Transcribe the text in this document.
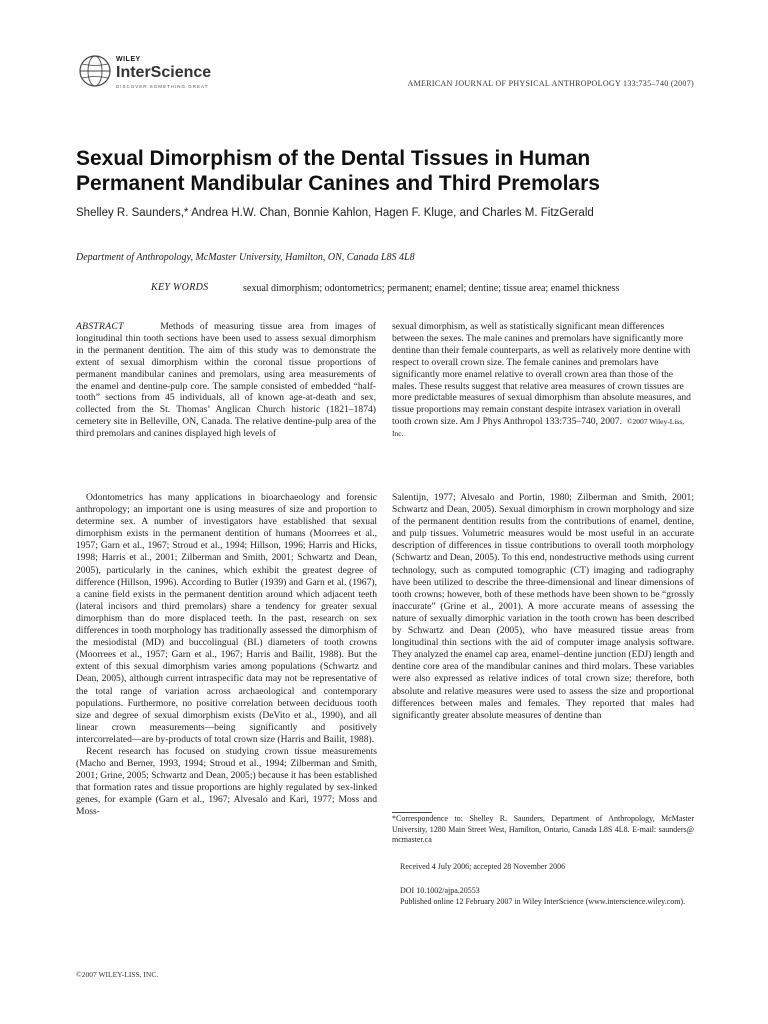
WILEY
InterScience
DISCOVER SOMETHING GREAT	AMERICAN JOURNAL OF PHYSICAL ANTHROPOLOGY 133:735–740 (2007)
Sexual Dimorphism of the Dental Tissues in Human Permanent Mandibular Canines and Third Premolars
Shelley R. Saunders,* Andrea H.W. Chan, Bonnie Kahlon, Hagen F. Kluge, and Charles M. FitzGerald
Department of Anthropology, McMaster University, Hamilton, ON, Canada L8S 4L8
KEY WORDS	sexual dimorphism; odontometrics; permanent; enamel; dentine; tissue area; enamel thickness

ABSTRACT	Methods of measuring tissue area from images of longitudinal thin tooth sections have been used to assess sexual dimorphism in the permanent dentition. The aim of this study was to demonstrate the extent of sexual dimorphism within the coronal tissue proportions of permanent mandibular canines and premolars, using area measurements of the enamel and dentine-pulp core. The sample consisted of embedded “half-tooth” sections from 45 individuals, all of known age-at-death and sex, collected from the St. Thomas’ Anglican Church historic (1821–1874) cemetery site in Belleville, ON, Canada. The relative dentine-pulp area of the third premolars and canines displayed high levels of

sexual dimorphism, as well as statistically significant mean differences between the sexes. The male canines and premolars have significantly more dentine than their female counterparts, as well as relatively more dentine with respect to overall crown size. The female canines and premolars have significantly more enamel relative to overall crown area than those of the males. These results suggest that relative area measures of crown tissues are more predictable measures of sexual dimorphism than absolute measures, and tissue proportions may remain constant despite intrasex variation in overall tooth crown size. Am J Phys Anthropol 133:735–740, 2007. ©2007 Wiley-Liss, Inc.

Odontometrics has many applications in bioarchaeology and forensic anthropology; an important one is using measures of size and proportion to determine sex. A number of investigators have established that sexual dimorphism exists in the permanent dentition of humans (Moorrees et al., 1957; Garn et al., 1967; Stroud et al., 1994; Hillson, 1996; Harris and Hicks, 1998; Harris et al., 2001; Zilberman and Smith, 2001; Schwartz and Dean, 2005), particularly in the canines, which exhibit the greatest degree of difference (Hillson, 1996). According to Butler (1939) and Garn et al. (1967), a canine field exists in the permanent dentition around which adjacent teeth (lateral incisors and third premolars) share a tendency for greater sexual dimorphism than do more displaced teeth. In the past, research on sex differences in tooth morphology has traditionally assessed the dimorphism of the mesiodistal (MD) and buccolingual (BL) diameters of tooth crowns (Moorrees et al., 1957; Garn et al., 1967; Harris and Bailit, 1988). But the extent of this sexual dimorphism varies among populations (Schwartz and Dean, 2005), although current intraspecific data may not be representative of the total range of variation across archaeological and contemporary populations. Furthermore, no positive correlation between deciduous tooth size and degree of sexual dimorphism exists (DeVito et al., 1990), and all linear crown measurements—being significantly and positively intercorrelated—are by-products of total crown size (Harris and Bailit, 1988).

Recent research has focused on studying crown tissue measurements (Macho and Berner, 1993, 1994; Stroud et al., 1994; Zilberman and Smith, 2001; Grine, 2005; Schwartz and Dean, 2005;) because it has been established that formation rates and tissue proportions are highly regulated by sex-linked genes, for example (Garn et al., 1967; Alvesalo and Kari, 1977; Moss and Moss-

Salentijn, 1977; Alvesalo and Portin, 1980; Zilberman and Smith, 2001; Schwartz and Dean, 2005). Sexual dimorphism in crown morphology and size of the permanent dentition results from the contributions of enamel, dentine, and pulp tissues. Volumetric measures would be most useful in an accurate description of differences in tissue contributions to overall tooth morphology (Schwartz and Dean, 2005). To this end, nondestructive methods using current technology, such as computed tomographic (CT) imaging and radiography have been utilized to describe the three-dimensional and linear dimensions of tooth crowns; however, both of these methods have been shown to be “grossly inaccurate” (Grine et al., 2001). A more accurate means of assessing the nature of sexually dimorphic variation in the tooth crown has been described by Schwartz and Dean (2005), who have measured tissue areas from longitudinal thin sections with the aid of computer image analysis software. They analyzed the enamel cap area, enamel–dentine junction (EDJ) length and dentine core area of the mandibular canines and third molars. These variables were also expressed as relative indices of total crown size; therefore, both absolute and relative measures were used to assess the size and proportional differences between males and females. They reported that males had significantly greater absolute measures of dentine than

*Correspondence to: Shelley R. Saunders, Department of Anthropology, McMaster University, 1280 Main Street West, Hamilton, Ontario, Canada L8S 4L8. E-mail: saunders@ mcmaster.ca
Received 4 July 2006; accepted 28 November 2006
DOI 10.1002/ajpa.20553
Published online 12 February 2007 in Wiley InterScience (www.interscience.wiley.com).
©2007 WILEY-LISS, INC.
